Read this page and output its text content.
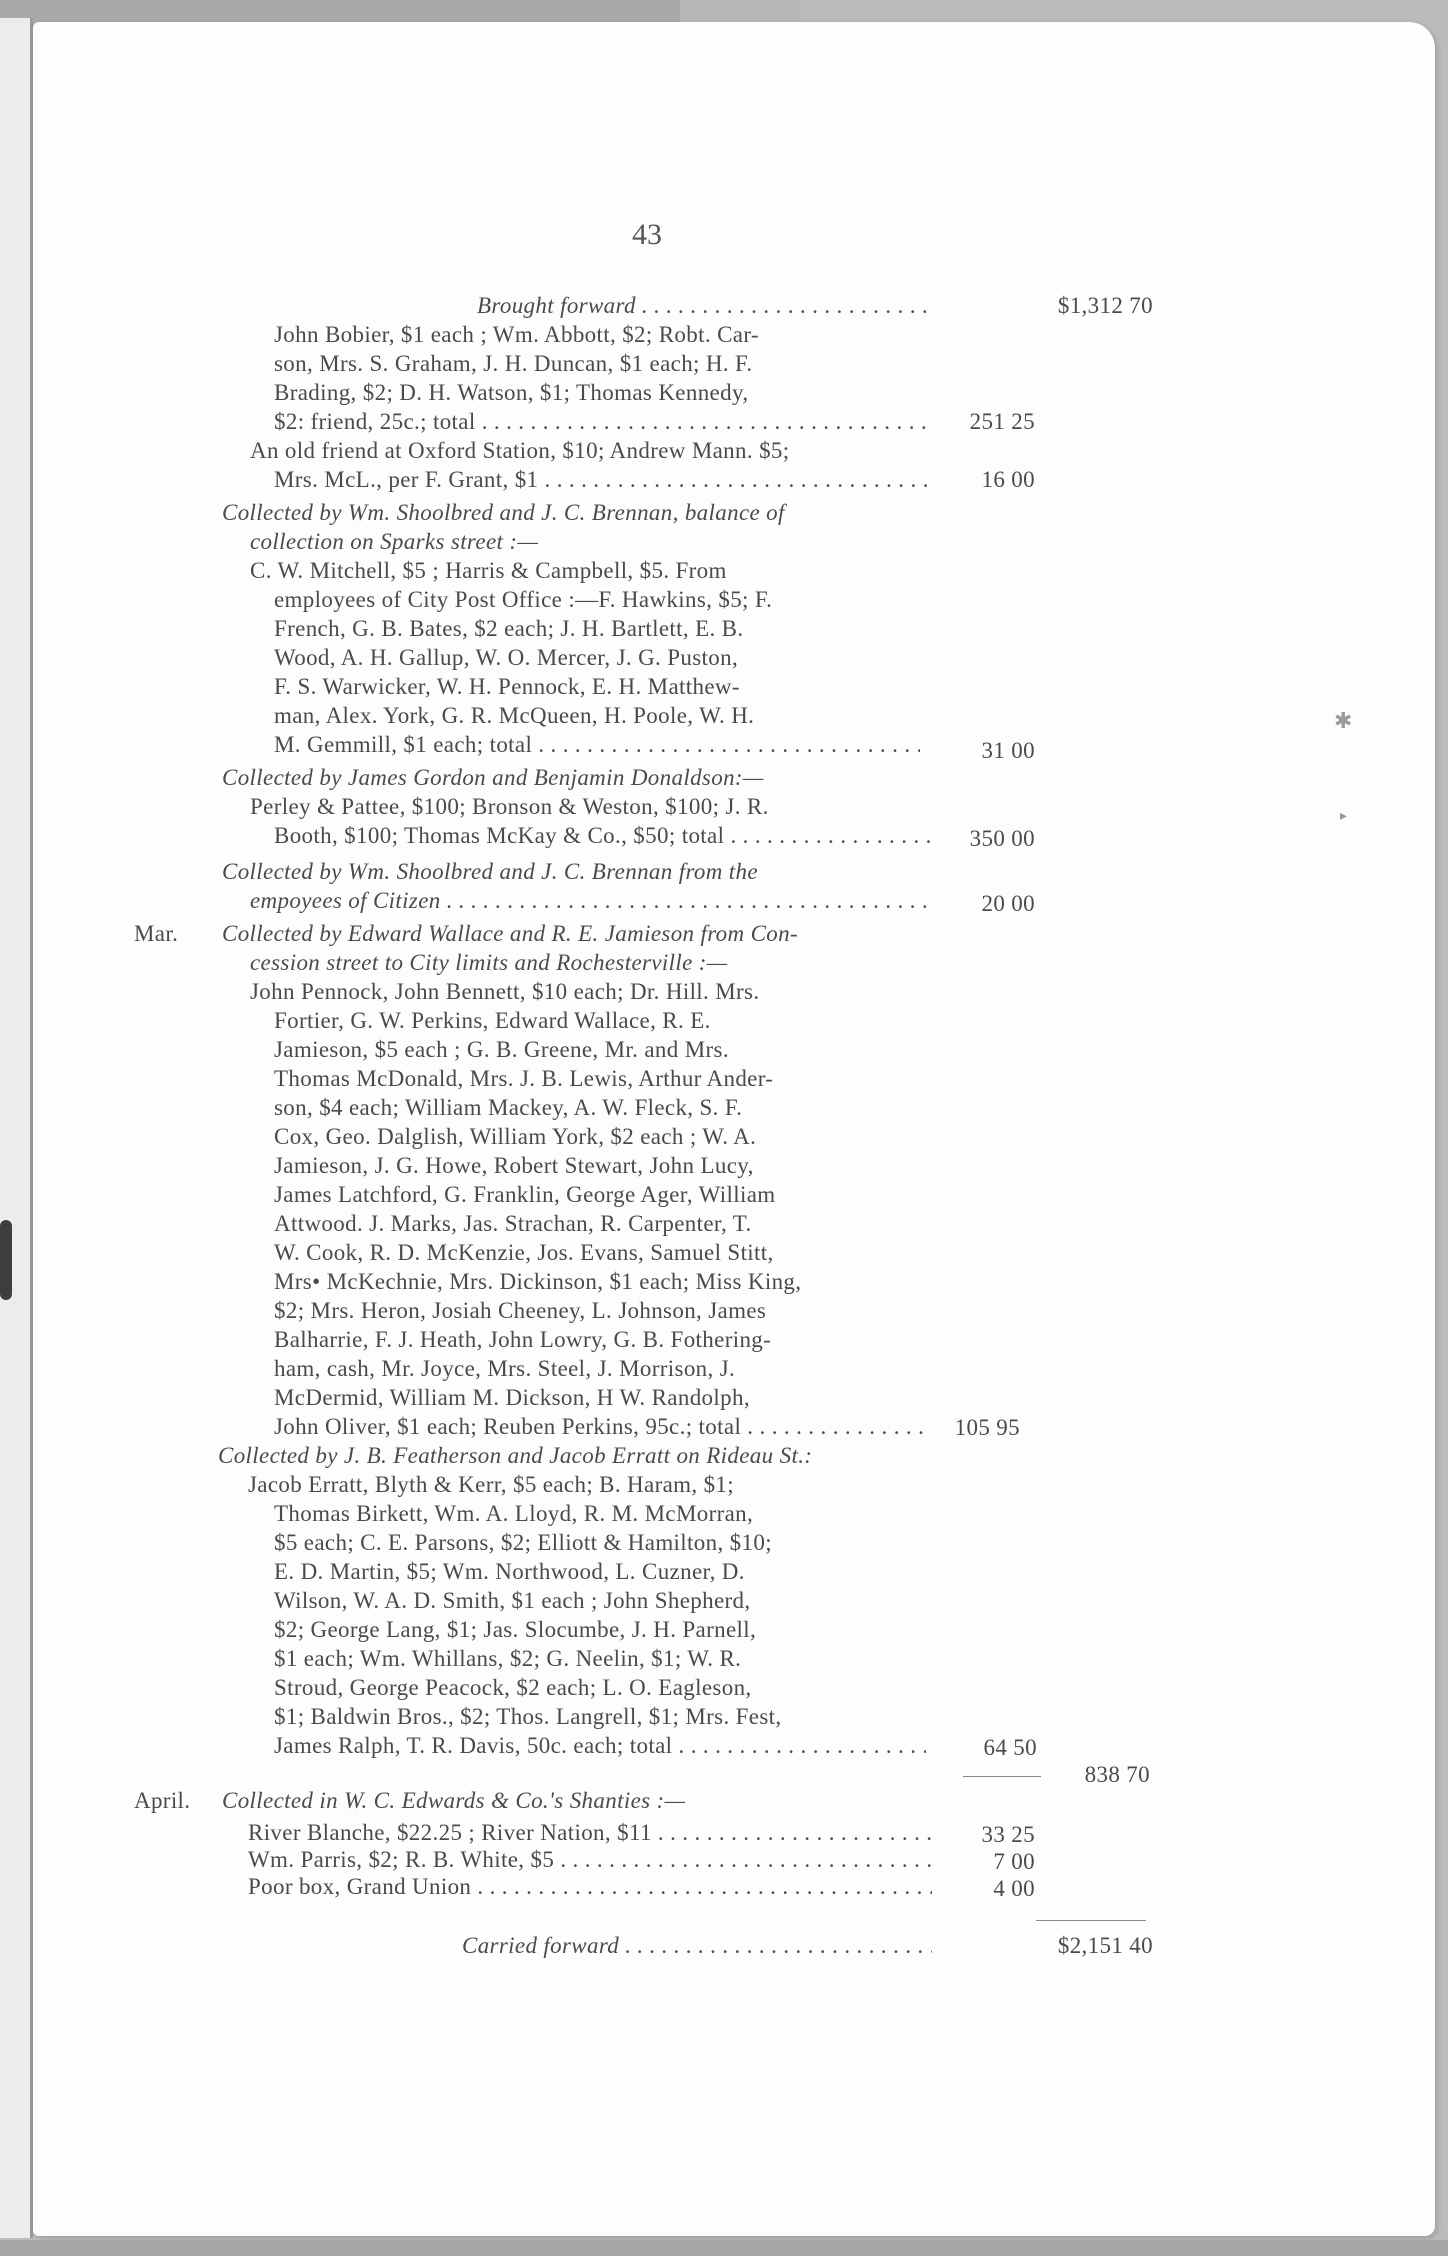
43
Brought forward . . .	$1,312 70
John Bobier, $1 each ; Wm. Abbott, $2; Robt. Car-
son, Mrs. S. Graham, J. H. Duncan, $1 each; H. F.
Brading, $2; D. H. Watson, $1; Thomas Kennedy,
$2: friend, 25c.; total . . .	251 25
An old friend at Oxford Station, $10; Andrew Mann. $5;
Mrs. McL., per F. Grant, $1 . . .	16 00
Collected by Wm. Shoolbred and J. C. Brennan, balance of
collection on Sparks street :—
C. W. Mitchell, $5 ; Harris & Campbell, $5. From
employees of City Post Office :—F. Hawkins, $5; F.
French, G. B. Bates, $2 each; J. H. Bartlett, E. B.
Wood, A. H. Gallup, W. O. Mercer, J. G. Puston,
F. S. Warwicker, W. H. Pennock, E. H. Matthew-
man, Alex. York, G. R. McQueen, H. Poole, W. H.
M. Gemmill, $1 each; total . . .	31 00
Collected by James Gordon and Benjamin Donaldson:—
Perley & Pattee, $100; Bronson & Weston, $100; J. R.
Booth, $100; Thomas McKay & Co., $50; total . . .	350 00
Collected by Wm. Shoolbred and J. C. Brennan from the
empoyees of Citizen . . .	20 00
Mar. Collected by Edward Wallace and R. E. Jamieson from Con-
cession street to City limits and Rochesterville :—
John Pennock, John Bennett, $10 each; Dr. Hill. Mrs.
Fortier, G. W. Perkins, Edward Wallace, R. E.
Jamieson, $5 each ; G. B. Greene, Mr. and Mrs.
Thomas McDonald, Mrs. J. B. Lewis, Arthur Ander-
son, $4 each; William Mackey, A. W. Fleck, S. F.
Cox, Geo. Dalglish, William York, $2 each ; W. A.
Jamieson, J. G. Howe, Robert Stewart, John Lucy,
James Latchford, G. Franklin, George Ager, William
Attwood. J. Marks, Jas. Strachan, R. Carpenter, T.
W. Cook, R. D. McKenzie, Jos. Evans, Samuel Stitt,
Mrs• McKechnie, Mrs. Dickinson, $1 each; Miss King,
$2; Mrs. Heron, Josiah Cheeney, L. Johnson, James
Balharrie, F. J. Heath, John Lowry, G. B. Fothering-
ham, cash, Mr. Joyce, Mrs. Steel, J. Morrison, J.
McDermid, William M. Dickson, H W. Randolph,
John Oliver, $1 each; Reuben Perkins, 95c.; total . . .	105 95
Collected by J. B. Featherson and Jacob Erratt on Rideau St.:
Jacob Erratt, Blyth & Kerr, $5 each; B. Haram, $1;
Thomas Birkett, Wm. A. Lloyd, R. M. McMorran,
$5 each; C. E. Parsons, $2; Elliott & Hamilton, $10;
E. D. Martin, $5; Wm. Northwood, L. Cuzner, D.
Wilson, W. A. D. Smith, $1 each ; John Shepherd,
$2; George Lang, $1; Jas. Slocumbe, J. H. Parnell,
$1 each; Wm. Whillans, $2; G. Neelin, $1; W. R.
Stroud, George Peacock, $2 each; L. O. Eagleson,
$1; Baldwin Bros., $2; Thos. Langrell, $1; Mrs. Fest,
James Ralph, T. R. Davis, 50c. each; total . . .	64 50
838 70
April. Collected in W. C. Edwards & Co.'s Shanties :—
River Blanche, $22.25 ; River Nation, $11 . . .	33 25
Wm. Parris, $2; R. B. White, $5 . . .	7 00
Poor box, Grand Union . . .	4 00
Carried forward . . .	$2,151 40
✱
▸
